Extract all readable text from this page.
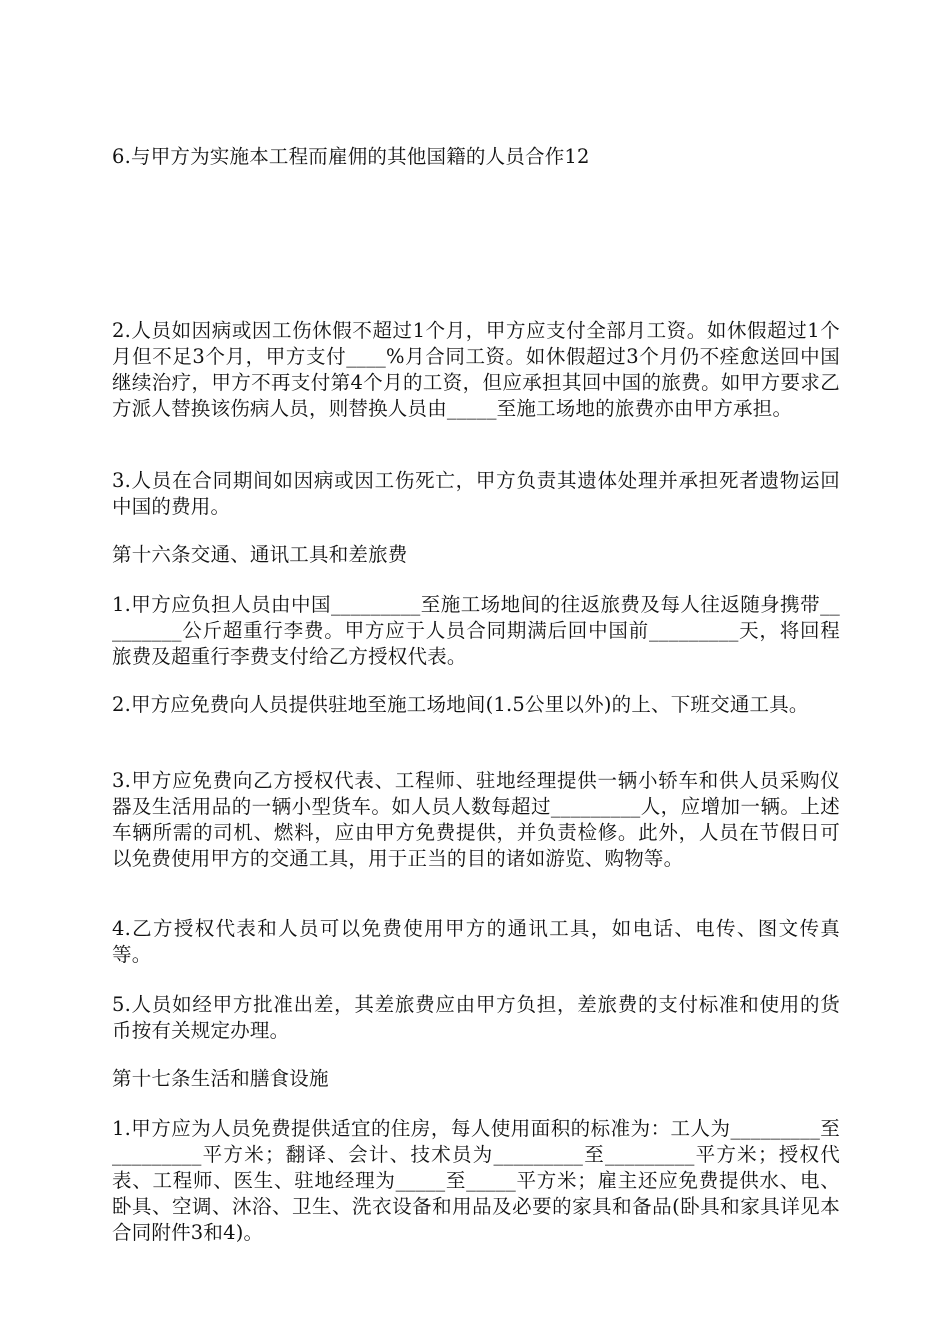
6.与甲方为实施本工程而雇佣的其他国籍的人员合作12

2.人员如因病或因工伤休假不超过1个月，甲方应支付全部月工资。如休假超过1个月但不足3个月，甲方支付____%月合同工资。如休假超过3个月仍不痊愈送回中国继续治疗，甲方不再支付第4个月的工资，但应承担其回中国的旅费。如甲方要求乙方派人替换该伤病人员，则替换人员由_____至施工场地的旅费亦由甲方承担。

3.人员在合同期间如因病或因工伤死亡，甲方负责其遗体处理并承担死者遗物运回中国的费用。

第十六条交通、通讯工具和差旅费

1.甲方应负担人员由中国_________至施工场地间的往返旅费及每人往返随身携带_________公斤超重行李费。甲方应于人员合同期满后回中国前_________天，将回程旅费及超重行李费支付给乙方授权代表。

2.甲方应免费向人员提供驻地至施工场地间(1.5公里以外)的上、下班交通工具。

3.甲方应免费向乙方授权代表、工程师、驻地经理提供一辆小轿车和供人员采购仪器及生活用品的一辆小型货车。如人员人数每超过_________人，应增加一辆。上述车辆所需的司机、燃料，应由甲方免费提供，并负责检修。此外，人员在节假日可以免费使用甲方的交通工具，用于正当的目的诸如游览、购物等。

4.乙方授权代表和人员可以免费使用甲方的通讯工具，如电话、电传、图文传真等。

5.人员如经甲方批准出差，其差旅费应由甲方负担，差旅费的支付标准和使用的货币按有关规定办理。

第十七条生活和膳食设施

1.甲方应为人员免费提供适宜的住房，每人使用面积的标准为：工人为_________至_________平方米；翻译、会计、技术员为_________至_________平方米；授权代表、工程师、医生、驻地经理为_____至_____平方米；雇主还应免费提供水、电、卧具、空调、沐浴、卫生、洗衣设备和用品及必要的家具和备品(卧具和家具详见本合同附件3和4)。
